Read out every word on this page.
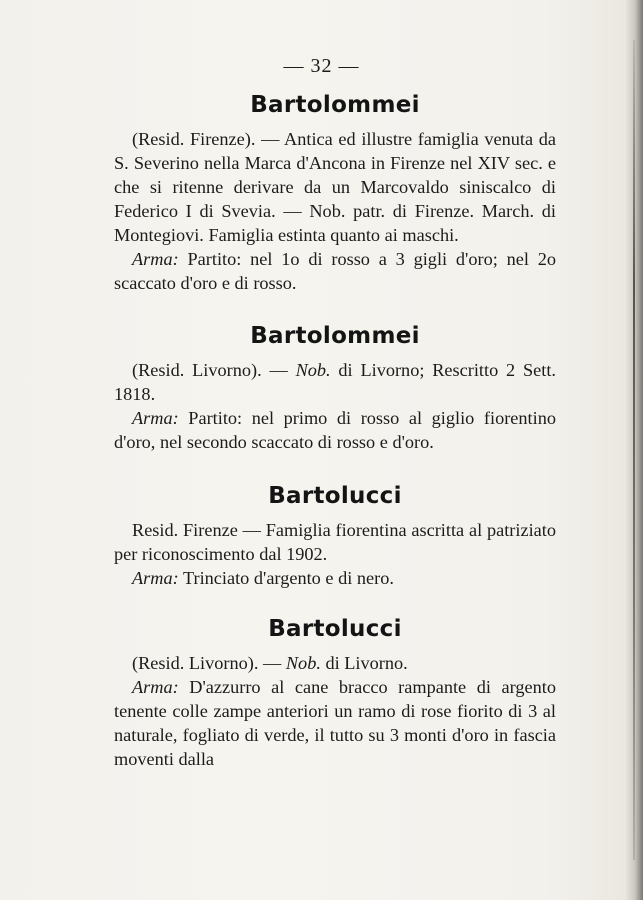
— 32 —
Bartolommei

(Resid. Firenze). — Antica ed illustre famiglia venuta da S. Severino nella Marca d'Ancona in Firenze nel XIV sec. e che si ritenne derivare da un Marcovaldo siniscalco di Federico I di Svevia. — Nob. patr. di Firenze. March. di Montegiovi. Famiglia estinta quanto ai maschi.

Arma: Partito: nel 1o di rosso a 3 gigli d'oro; nel 2o scaccato d'oro e di rosso.

Bartolommei

(Resid. Livorno). — Nob. di Livorno; Rescritto 2 Sett. 1818.

Arma: Partito: nel primo di rosso al giglio fiorentino d'oro, nel secondo scaccato di rosso e d'oro.

Bartolucci

Resid. Firenze — Famiglia fiorentina ascritta al patriziato per riconoscimento dal 1902.

Arma: Trinciato d'argento e di nero.

Bartolucci

(Resid. Livorno). — Nob. di Livorno.

Arma: D'azzurro al cane bracco rampante di argento tenente colle zampe anteriori un ramo di rose fiorito di 3 al naturale, fogliato di verde, il tutto su 3 monti d'oro in fascia moventi dalla
